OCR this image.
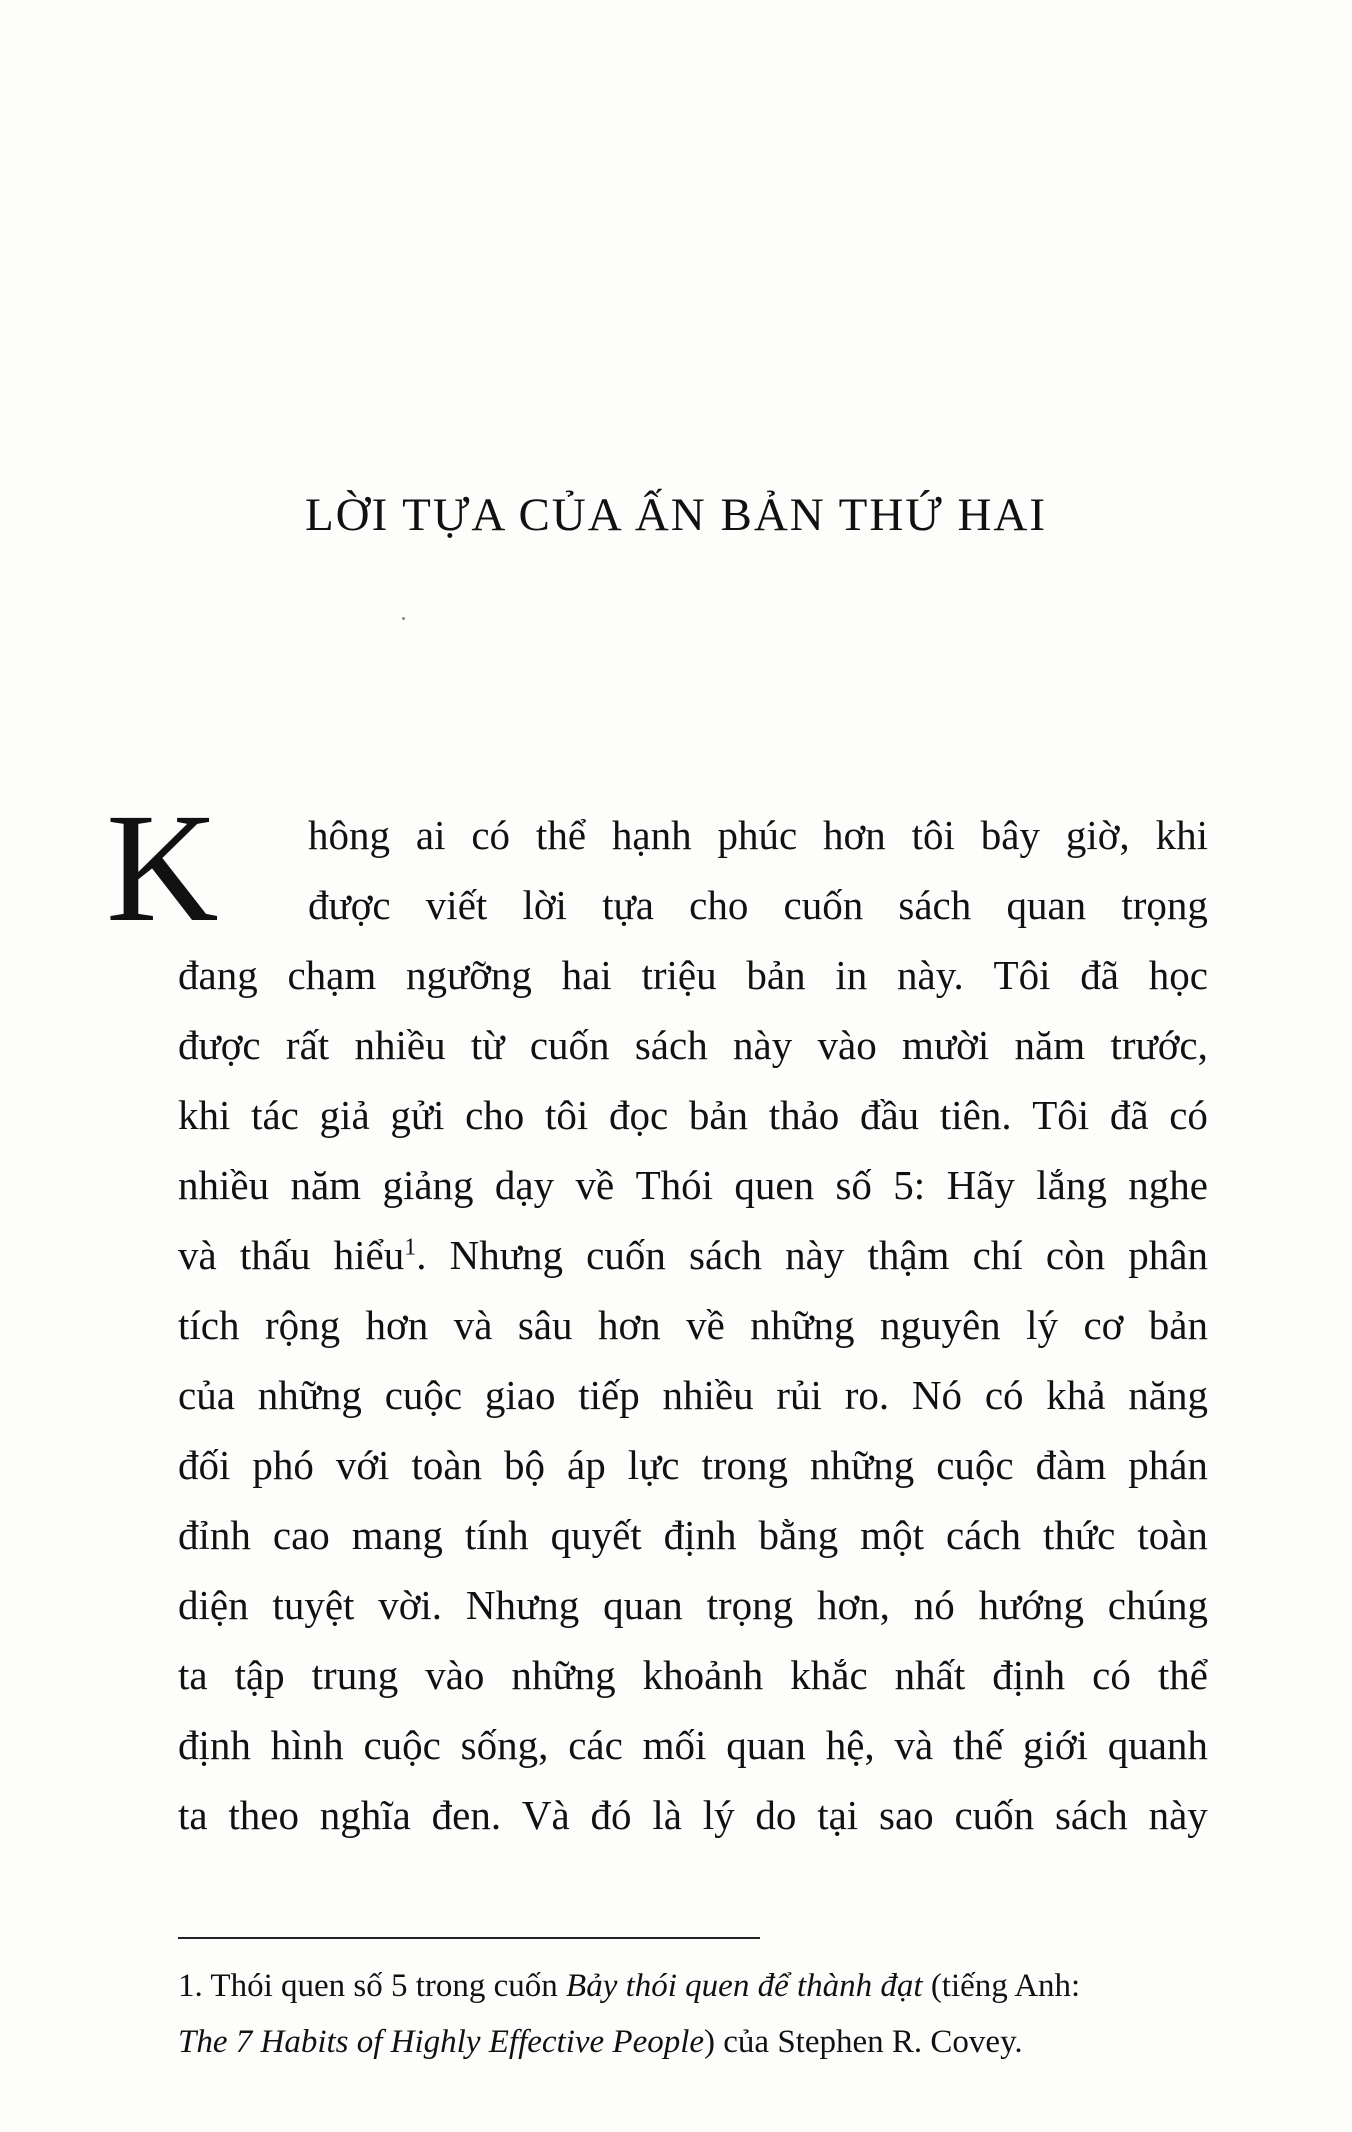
LỜI TỰA CỦA ẤN BẢN THỨ HAI
K hông ai có thể hạnh phúc hơn tôi bây giờ, khi
được viết lời tựa cho cuốn sách quan trọng
đang chạm ngưỡng hai triệu bản in này. Tôi đã học
được rất nhiều từ cuốn sách này vào mười năm trước,
khi tác giả gửi cho tôi đọc bản thảo đầu tiên. Tôi đã có
nhiều năm giảng dạy về Thói quen số 5: Hãy lắng nghe
và thấu hiểu$^1$. Nhưng cuốn sách này thậm chí còn phân
tích rộng hơn và sâu hơn về những nguyên lý cơ bản
của những cuộc giao tiếp nhiều rủi ro. Nó có khả năng
đối phó với toàn bộ áp lực trong những cuộc đàm phán
đỉnh cao mang tính quyết định bằng một cách thức toàn
diện tuyệt vời. Nhưng quan trọng hơn, nó hướng chúng
ta tập trung vào những khoảnh khắc nhất định có thể
định hình cuộc sống, các mối quan hệ, và thế giới quanh
ta theo nghĩa đen. Và đó là lý do tại sao cuốn sách này
1. Thói quen số 5 trong cuốn Bảy thói quen để thành đạt (tiếng Anh:
The 7 Habits of Highly Effective People) của Stephen R. Covey.
